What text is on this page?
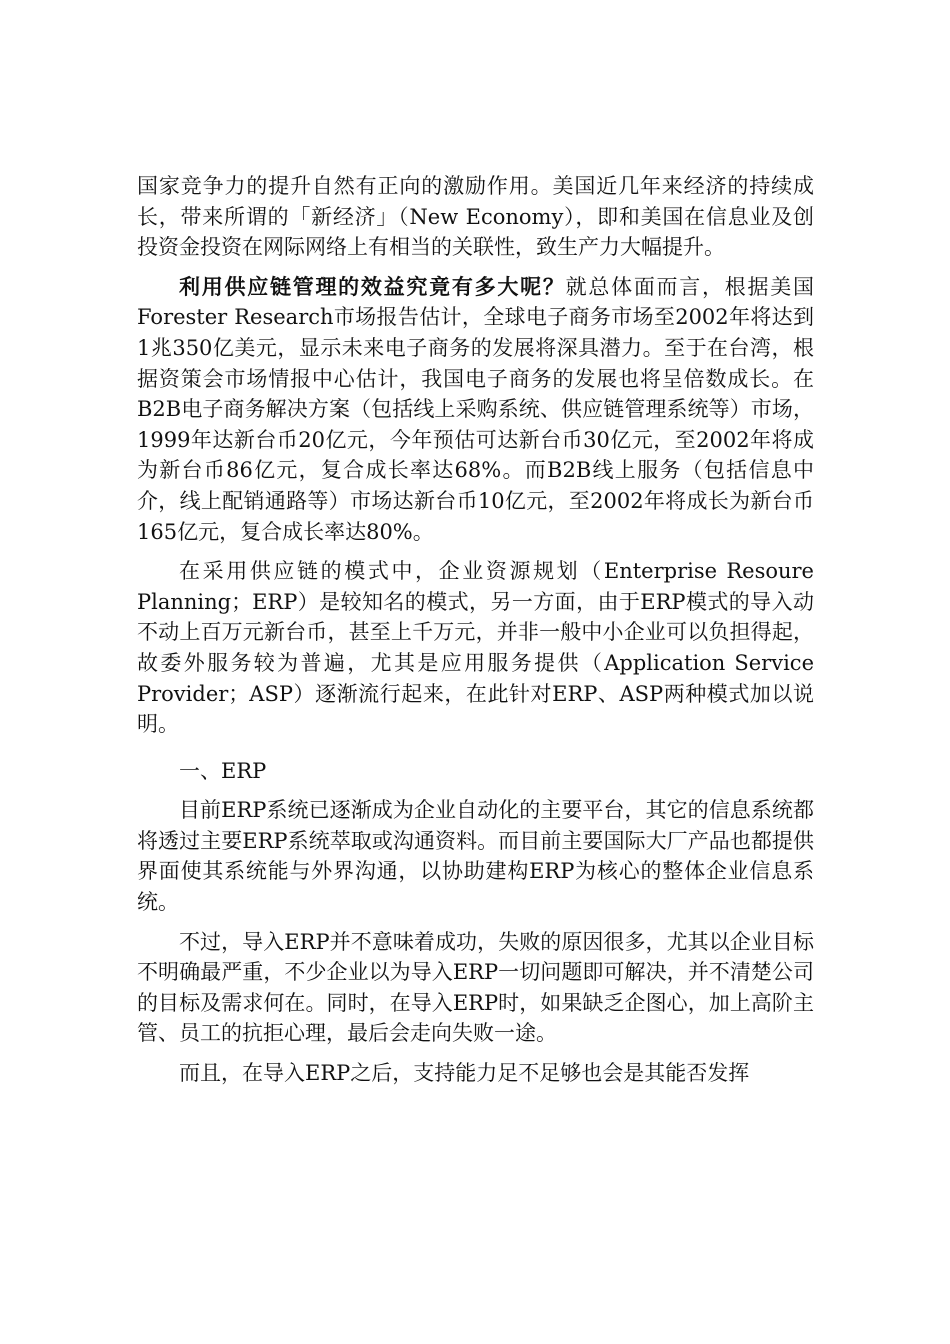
国家竞争力的提升自然有正向的激励作用。美国近几年来经济的持续成长，带来所谓的「新经济」（New Economy），即和美国在信息业及创投资金投资在网际网络上有相当的关联性，致生产力大幅提升。

利用供应链管理的效益究竟有多大呢？就总体面而言，根据美国Forester Research市场报告估计，全球电子商务市场至2002年将达到1兆350亿美元，显示未来电子商务的发展将深具潜力。至于在台湾，根据资策会市场情报中心估计，我国电子商务的发展也将呈倍数成长。在B2B电子商务解决方案（包括线上采购系统、供应链管理系统等）市场，1999年达新台币20亿元，今年预估可达新台币30亿元，至2002年将成为新台币86亿元，复合成长率达68%。而B2B线上服务（包括信息中介，线上配销通路等）市场达新台币10亿元，至2002年将成长为新台币165亿元，复合成长率达80%。

在采用供应链的模式中，企业资源规划（Enterprise Resoure Planning；ERP）是较知名的模式，另一方面，由于ERP模式的导入动不动上百万元新台币，甚至上千万元，并非一般中小企业可以负担得起，故委外服务较为普遍，尤其是应用服务提供（Application Service Provider；ASP）逐渐流行起来，在此针对ERP、ASP两种模式加以说明。

一、ERP

目前ERP系统已逐渐成为企业自动化的主要平台，其它的信息系统都将透过主要ERP系统萃取或沟通资料。而目前主要国际大厂产品也都提供界面使其系统能与外界沟通，以协助建构ERP为核心的整体企业信息系统。

不过，导入ERP并不意味着成功，失败的原因很多，尤其以企业目标不明确最严重，不少企业以为导入ERP一切问题即可解决，并不清楚公司的目标及需求何在。同时，在导入ERP时，如果缺乏企图心，加上高阶主管、员工的抗拒心理，最后会走向失败一途。

而且，在导入ERP之后，支持能力足不足够也会是其能否发挥
